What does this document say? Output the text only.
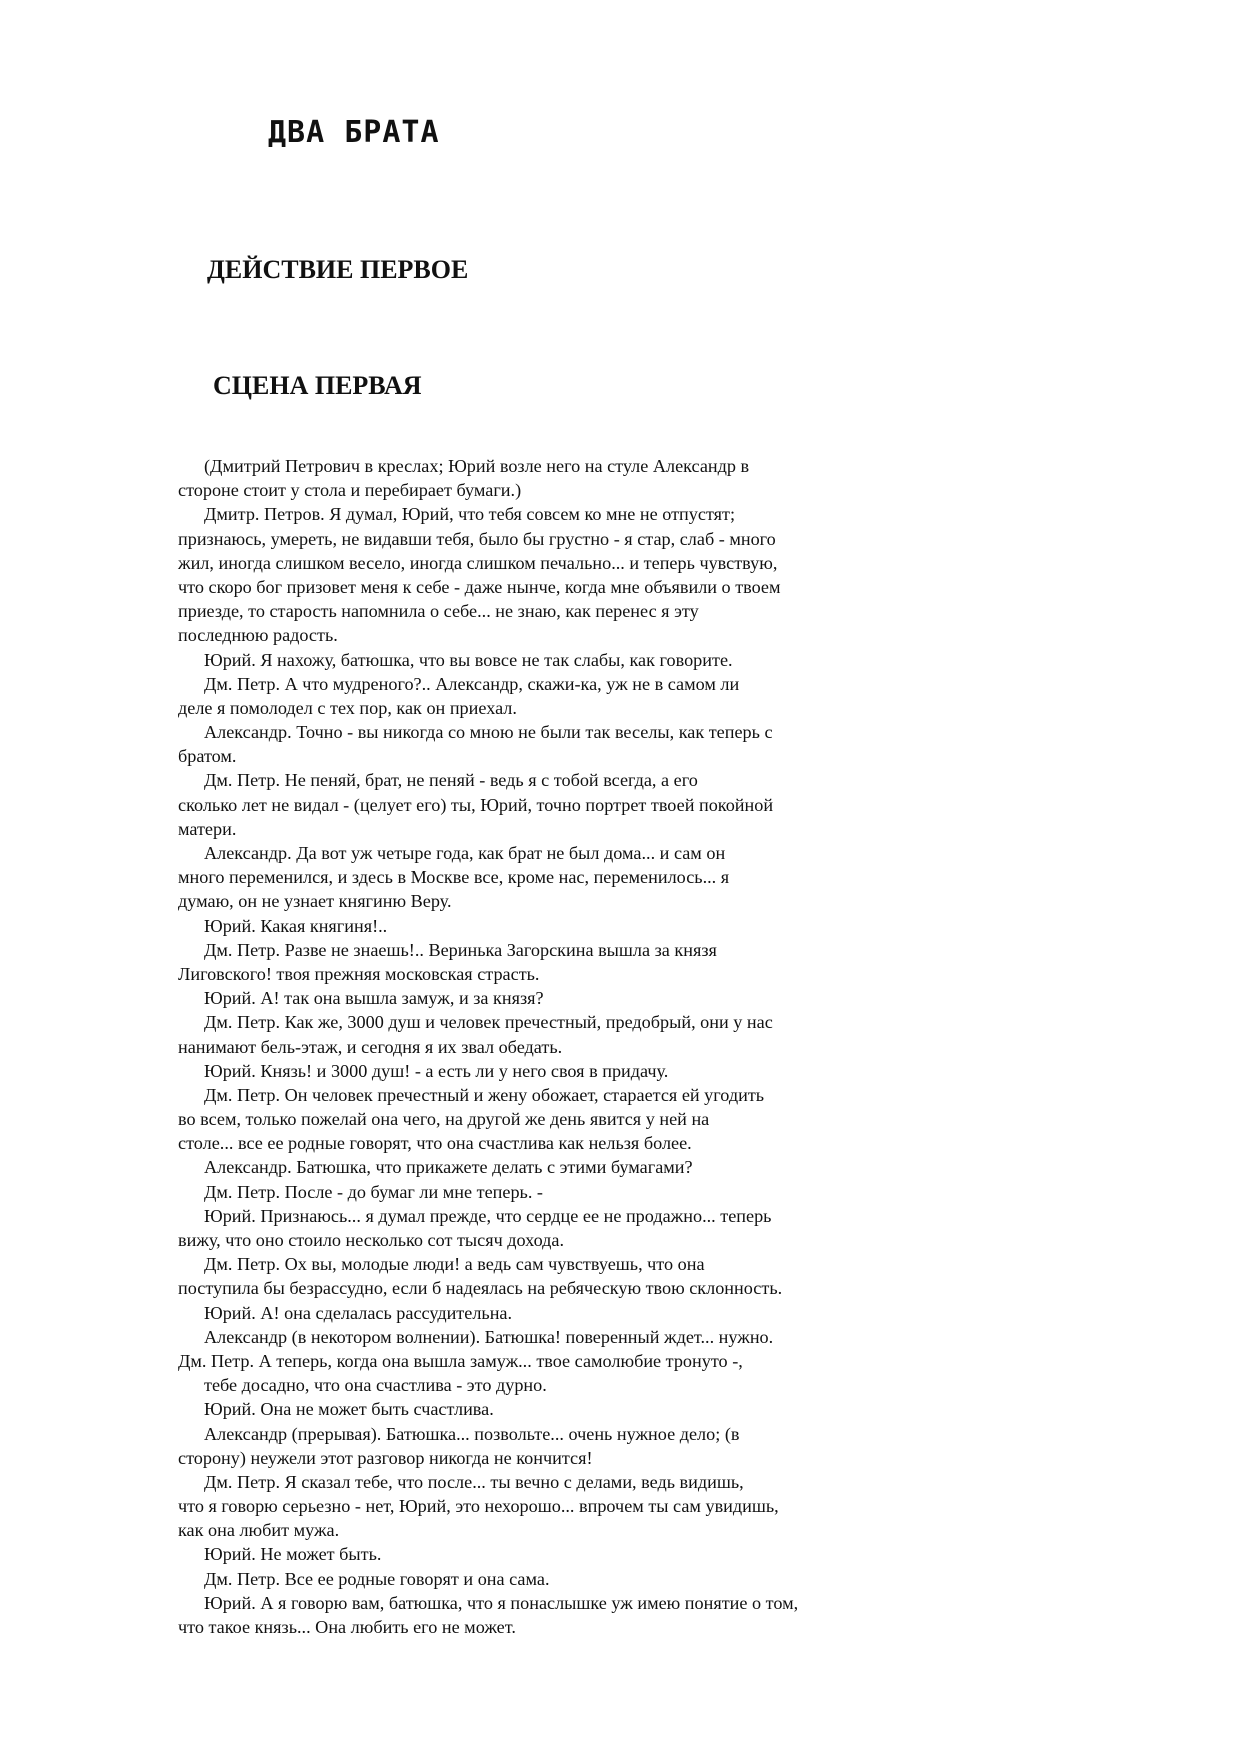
ДВА БРАТА
ДЕЙСТВИЕ ПЕРВОЕ
СЦЕНА ПЕРВАЯ
(Дмитрий Петрович в креслах; Юрий возле него на стуле Александр в
стороне стоит у стола и перебирает бумаги.)
Дмитр. Петров. Я думал, Юрий, что тебя совсем ко мне не отпустят;
признаюсь, умереть, не видавши тебя, было бы грустно - я стар, слаб - много
жил, иногда слишком весело, иногда слишком печально... и теперь чувствую,
что скоро бог призовет меня к себе - даже нынче, когда мне объявили о твоем
приезде, то старость напомнила о себе... не знаю, как перенес я эту
последнюю радость.
Юрий. Я нахожу, батюшка, что вы вовсе не так слабы, как говорите.
Дм. Петр. А что мудреного?.. Александр, скажи-ка, уж не в самом ли
деле я помолодел с тех пор, как он приехал.
Александр. Точно - вы никогда со мною не были так веселы, как теперь с
братом.
Дм. Петр. Не пеняй, брат, не пеняй - ведь я с тобой всегда, а его
сколько лет не видал - (целует его) ты, Юрий, точно портрет твоей покойной
матери.
Александр. Да вот уж четыре года, как брат не был дома... и сам он
много переменился, и здесь в Москве все, кроме нас, переменилось... я
думаю, он не узнает княгиню Веру.
Юрий. Какая княгиня!..
Дм. Петр. Разве не знаешь!.. Веринька Загорскина вышла за князя
Лиговского! твоя прежняя московская страсть.
Юрий. А! так она вышла замуж, и за князя?
Дм. Петр. Как же, 3000 душ и человек пречестный, предобрый, они у нас
нанимают бель-этаж, и сегодня я их звал обедать.
Юрий. Князь! и 3000 душ! - а есть ли у него своя в придачу.
Дм. Петр. Он человек пречестный и жену обожает, старается ей угодить
во всем, только пожелай она чего, на другой же день явится у ней на
столе... все ее родные говорят, что она счастлива как нельзя более.
Александр. Батюшка, что прикажете делать с этими бумагами?
Дм. Петр. После - до бумаг ли мне теперь. -
Юрий. Признаюсь... я думал прежде, что сердце ее не продажно... теперь
вижу, что оно стоило несколько сот тысяч дохода.
Дм. Петр. Ох вы, молодые люди! а ведь сам чувствуешь, что она
поступила бы безрассудно, если б надеялась на ребяческую твою склонность.
Юрий. А! она сделалась рассудительна.
Александр (в некотором волнении). Батюшка! поверенный ждет... нужно.
Дм. Петр. А теперь, когда она вышла замуж... твое самолюбие тронуто -,
тебе досадно, что она счастлива - это дурно.
Юрий. Она не может быть счастлива.
Александр (прерывая). Батюшка... позвольте... очень нужное дело; (в
сторону) неужели этот разговор никогда не кончится!
Дм. Петр. Я сказал тебе, что после... ты вечно с делами, ведь видишь,
что я говорю серьезно - нет, Юрий, это нехорошо... впрочем ты сам увидишь,
как она любит мужа.
Юрий. Не может быть.
Дм. Петр. Все ее родные говорят и она сама.
Юрий. А я говорю вам, батюшка, что я понаслышке уж имею понятие о том,
что такое князь... Она любить его не может.
